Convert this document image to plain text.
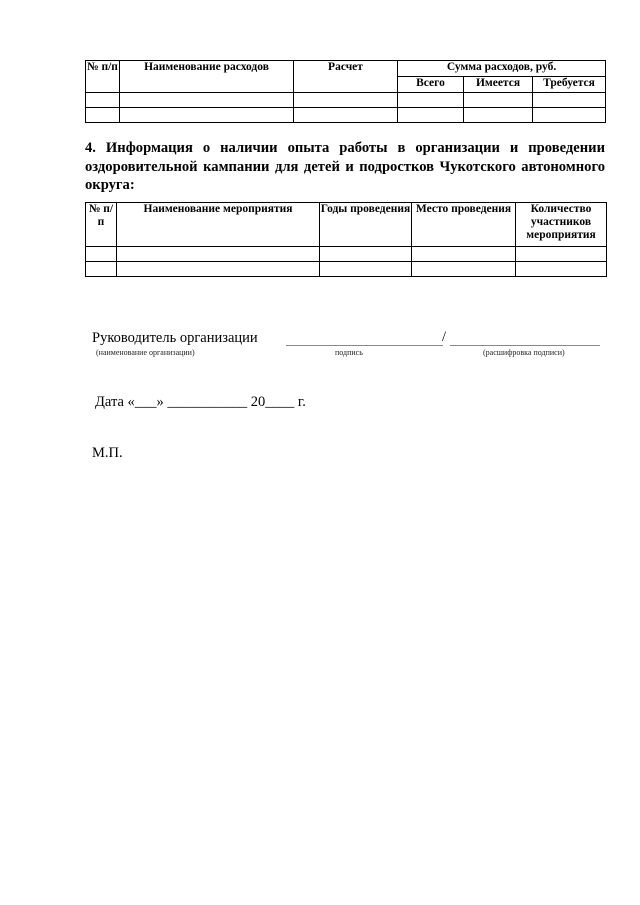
№ п/п	Наименование расходов	Расчет	Сумма расходов, руб.		
			Всего	Имеется	Требуется

4. Информация о наличии опыта работы в организации и проведении оздоровительной кампании для детей и подростков Чукотского автономного округа:
№ п/п	Наименование мероприятия	Годы проведения	Место проведения	Количество участников мероприятия

Руководитель организации	/
(наименование организации)	подпись	(расшифровка подписи)
Дата «___» ___________ 20____ г.
М.П.
